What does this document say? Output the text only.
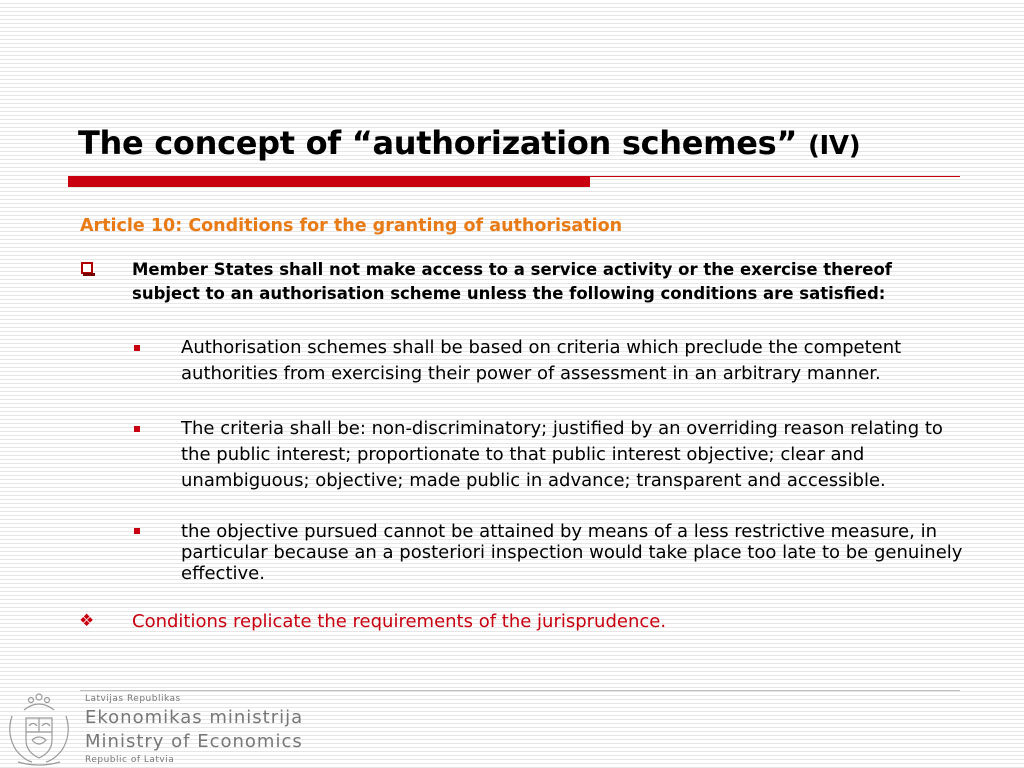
The concept of “authorization schemes” (IV)
Article 10: Conditions for the granting of authorisation
Member States shall not make access to a service activity or the exercise thereof subject to an authorisation scheme unless the following conditions are satisfied:
Authorisation schemes shall be based on criteria which preclude the competent authorities from exercising their power of assessment in an arbitrary manner.
The criteria shall be: non-discriminatory; justified by an overriding reason relating to the public interest; proportionate to that public interest objective; clear and unambiguous; objective; made public in advance; transparent and accessible.
the objective pursued cannot be attained by means of a less restrictive measure, in particular because an a posteriori inspection would take place too late to be genuinely effective.
❖ Conditions replicate the requirements of the jurisprudence.
Latvijas Republikas
Ekonomikas ministrija
Ministry of Economics
Republic of Latvia
